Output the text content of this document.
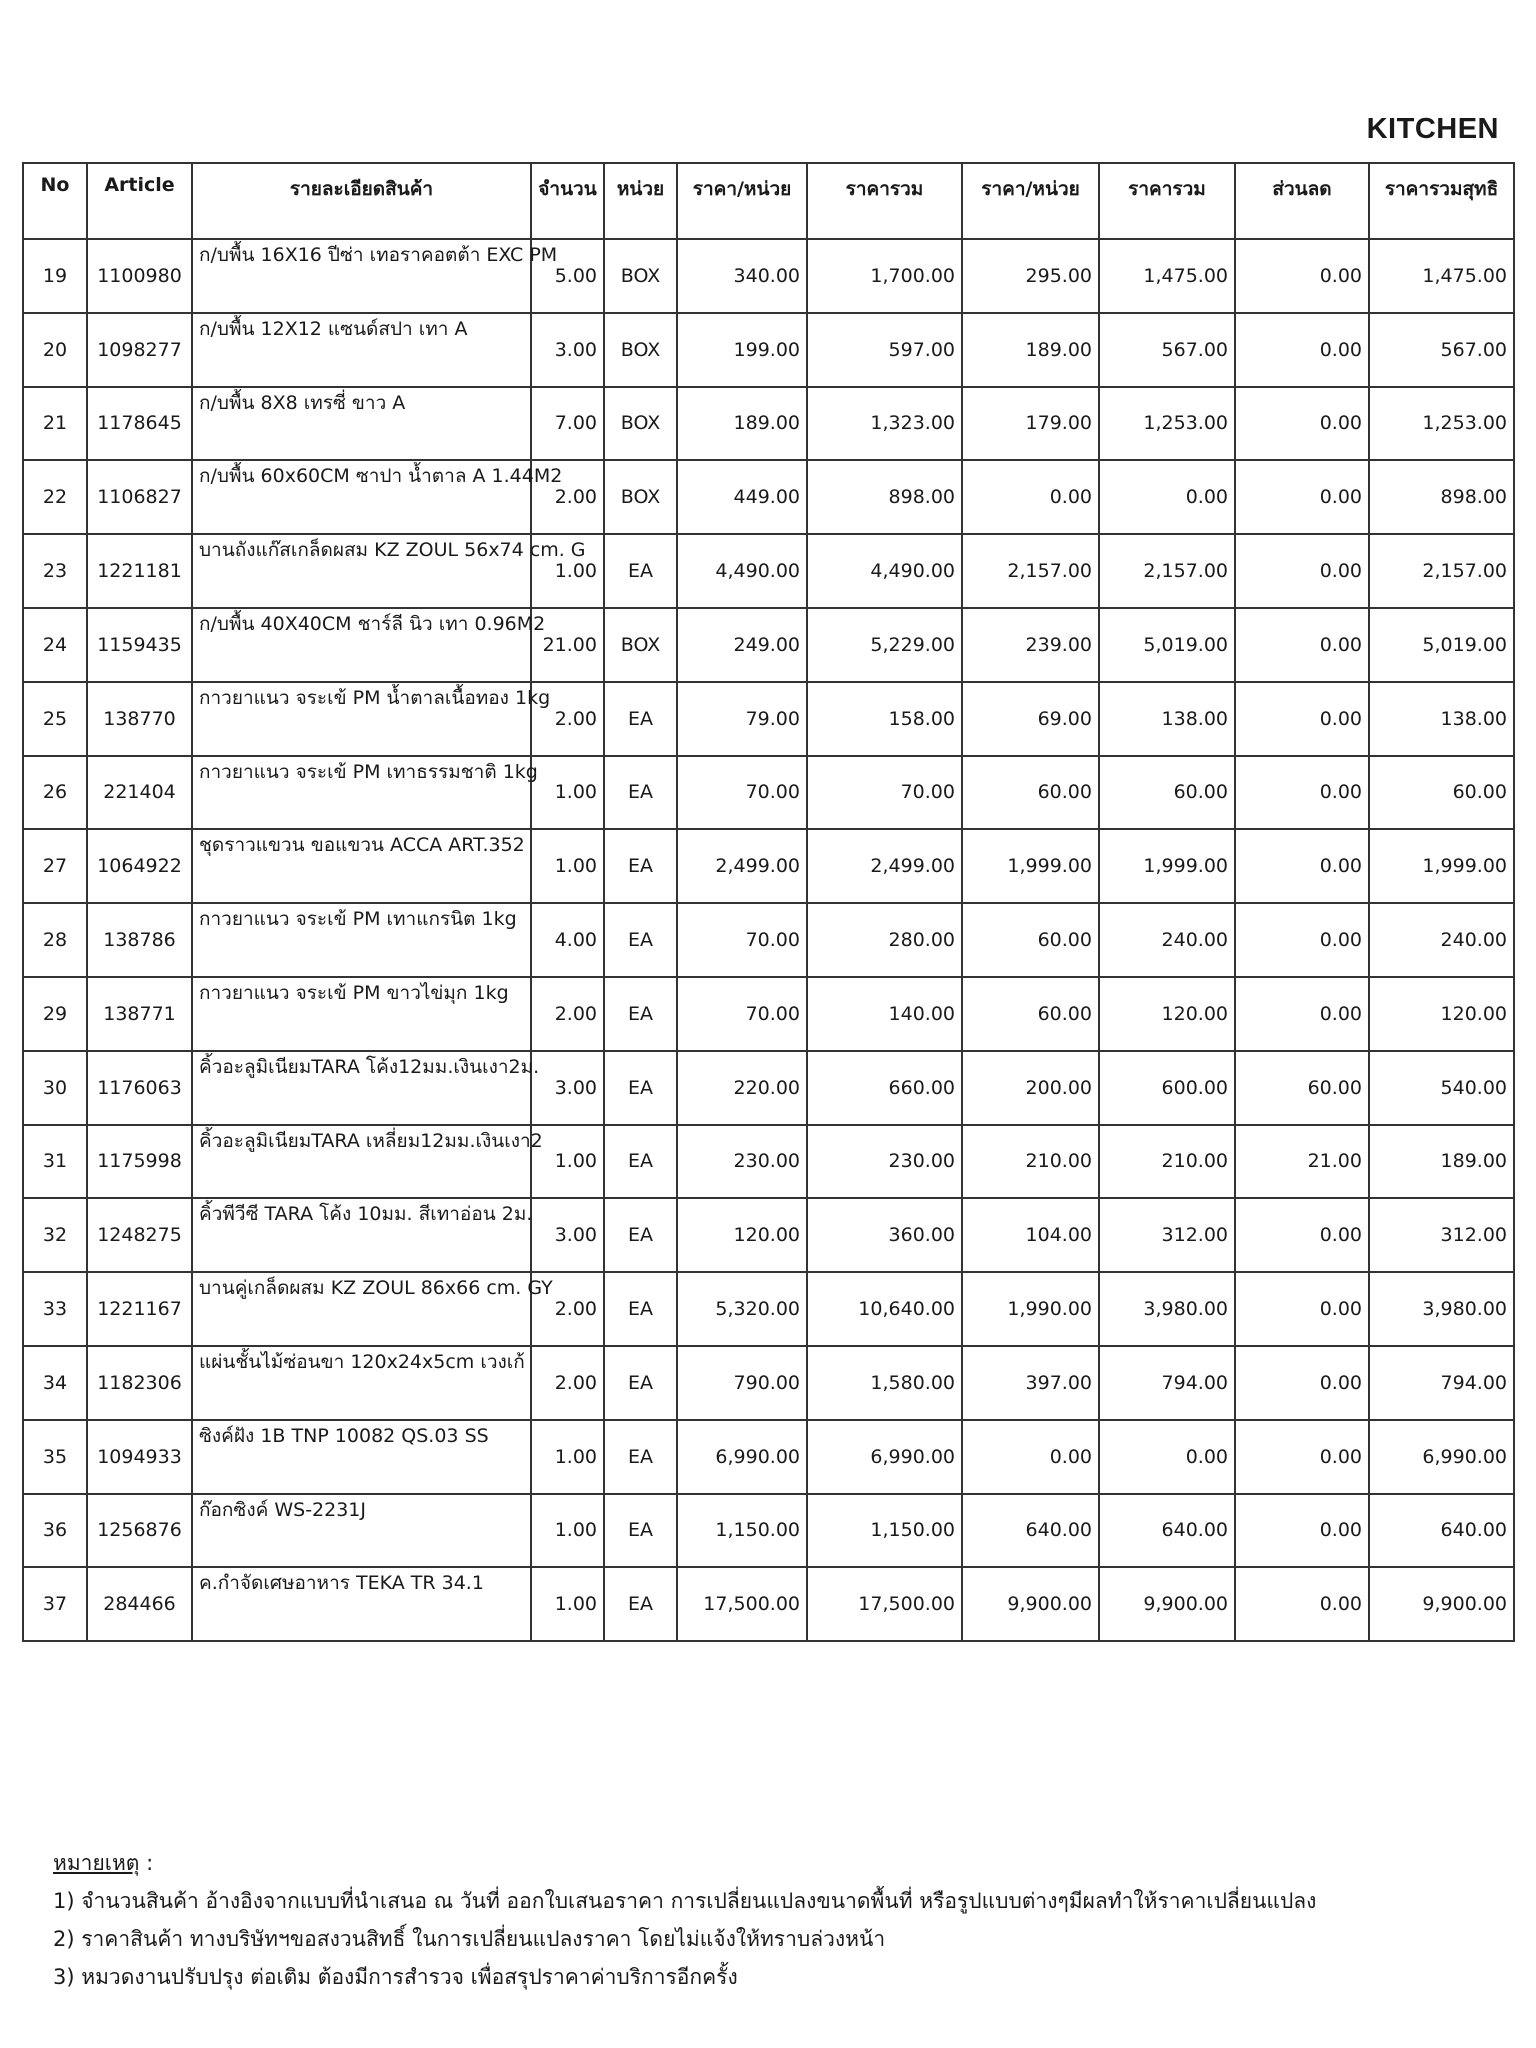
KITCHEN
No	Article	รายละเอียดสินค้า	จำนวน	หน่วย	ราคา/หน่วย	ราคารวม	ราคา/หน่วย	ราคารวม	ส่วนลด	ราคารวมสุทธิ
19	1100980	ก/บพื้น 16X16 ปีซ่า เทอราคอตต้า EXC PM	5.00	BOX	340.00	1,700.00	295.00	1,475.00	0.00	1,475.00
20	1098277	ก/บพื้น 12X12 แซนด์สปา เทา A	3.00	BOX	199.00	597.00	189.00	567.00	0.00	567.00
21	1178645	ก/บพื้น 8X8 เทรซี่ ขาว A	7.00	BOX	189.00	1,323.00	179.00	1,253.00	0.00	1,253.00
22	1106827	ก/บพื้น 60x60CM ซาปา น้ำตาล A 1.44M2	2.00	BOX	449.00	898.00	0.00	0.00	0.00	898.00
23	1221181	บานถังแก๊สเกล็ดผสม KZ ZOUL 56x74 cm. G	1.00	EA	4,490.00	4,490.00	2,157.00	2,157.00	0.00	2,157.00
24	1159435	ก/บพื้น 40X40CM ชาร์ลี นิว เทา 0.96M2	21.00	BOX	249.00	5,229.00	239.00	5,019.00	0.00	5,019.00
25	138770	กาวยาแนว จระเข้ PM น้ำตาลเนื้อทอง 1kg	2.00	EA	79.00	158.00	69.00	138.00	0.00	138.00
26	221404	กาวยาแนว จระเข้ PM เทาธรรมชาติ 1kg	1.00	EA	70.00	70.00	60.00	60.00	0.00	60.00
27	1064922	ชุดราวแขวน ขอแขวน ACCA ART.352	1.00	EA	2,499.00	2,499.00	1,999.00	1,999.00	0.00	1,999.00
28	138786	กาวยาแนว จระเข้ PM เทาแกรนิต 1kg	4.00	EA	70.00	280.00	60.00	240.00	0.00	240.00
29	138771	กาวยาแนว จระเข้ PM ขาวไข่มุก 1kg	2.00	EA	70.00	140.00	60.00	120.00	0.00	120.00
30	1176063	คิ้วอะลูมิเนียมTARA โค้ง12มม.เงินเงา2ม.	3.00	EA	220.00	660.00	200.00	600.00	60.00	540.00
31	1175998	คิ้วอะลูมิเนียมTARA เหลี่ยม12มม.เงินเงา2	1.00	EA	230.00	230.00	210.00	210.00	21.00	189.00
32	1248275	คิ้วพีวีซี TARA โค้ง 10มม. สีเทาอ่อน 2ม.	3.00	EA	120.00	360.00	104.00	312.00	0.00	312.00
33	1221167	บานคู่เกล็ดผสม KZ ZOUL 86x66 cm. GY	2.00	EA	5,320.00	10,640.00	1,990.00	3,980.00	0.00	3,980.00
34	1182306	แผ่นชั้นไม้ซ่อนขา 120x24x5cm เวงเก้	2.00	EA	790.00	1,580.00	397.00	794.00	0.00	794.00
35	1094933	ซิงค์ฝัง 1B TNP 10082 QS.03 SS	1.00	EA	6,990.00	6,990.00	0.00	0.00	0.00	6,990.00
36	1256876	ก๊อกซิงค์ WS-2231J	1.00	EA	1,150.00	1,150.00	640.00	640.00	0.00	640.00
37	284466	ค.กำจัดเศษอาหาร TEKA TR 34.1	1.00	EA	17,500.00	17,500.00	9,900.00	9,900.00	0.00	9,900.00
หมายเหตุ :
1) จำนวนสินค้า อ้างอิงจากแบบที่นำเสนอ ณ วันที่ ออกใบเสนอราคา การเปลี่ยนแปลงขนาดพื้นที่ หรือรูปแบบต่างๆมีผลทำให้ราคาเปลี่ยนแปลง
2) ราคาสินค้า ทางบริษัทฯขอสงวนสิทธิ์ ในการเปลี่ยนแปลงราคา โดยไม่แจ้งให้ทราบล่วงหน้า
3) หมวดงานปรับปรุง ต่อเติม ต้องมีการสำรวจ เพื่อสรุปราคาค่าบริการอีกครั้ง
